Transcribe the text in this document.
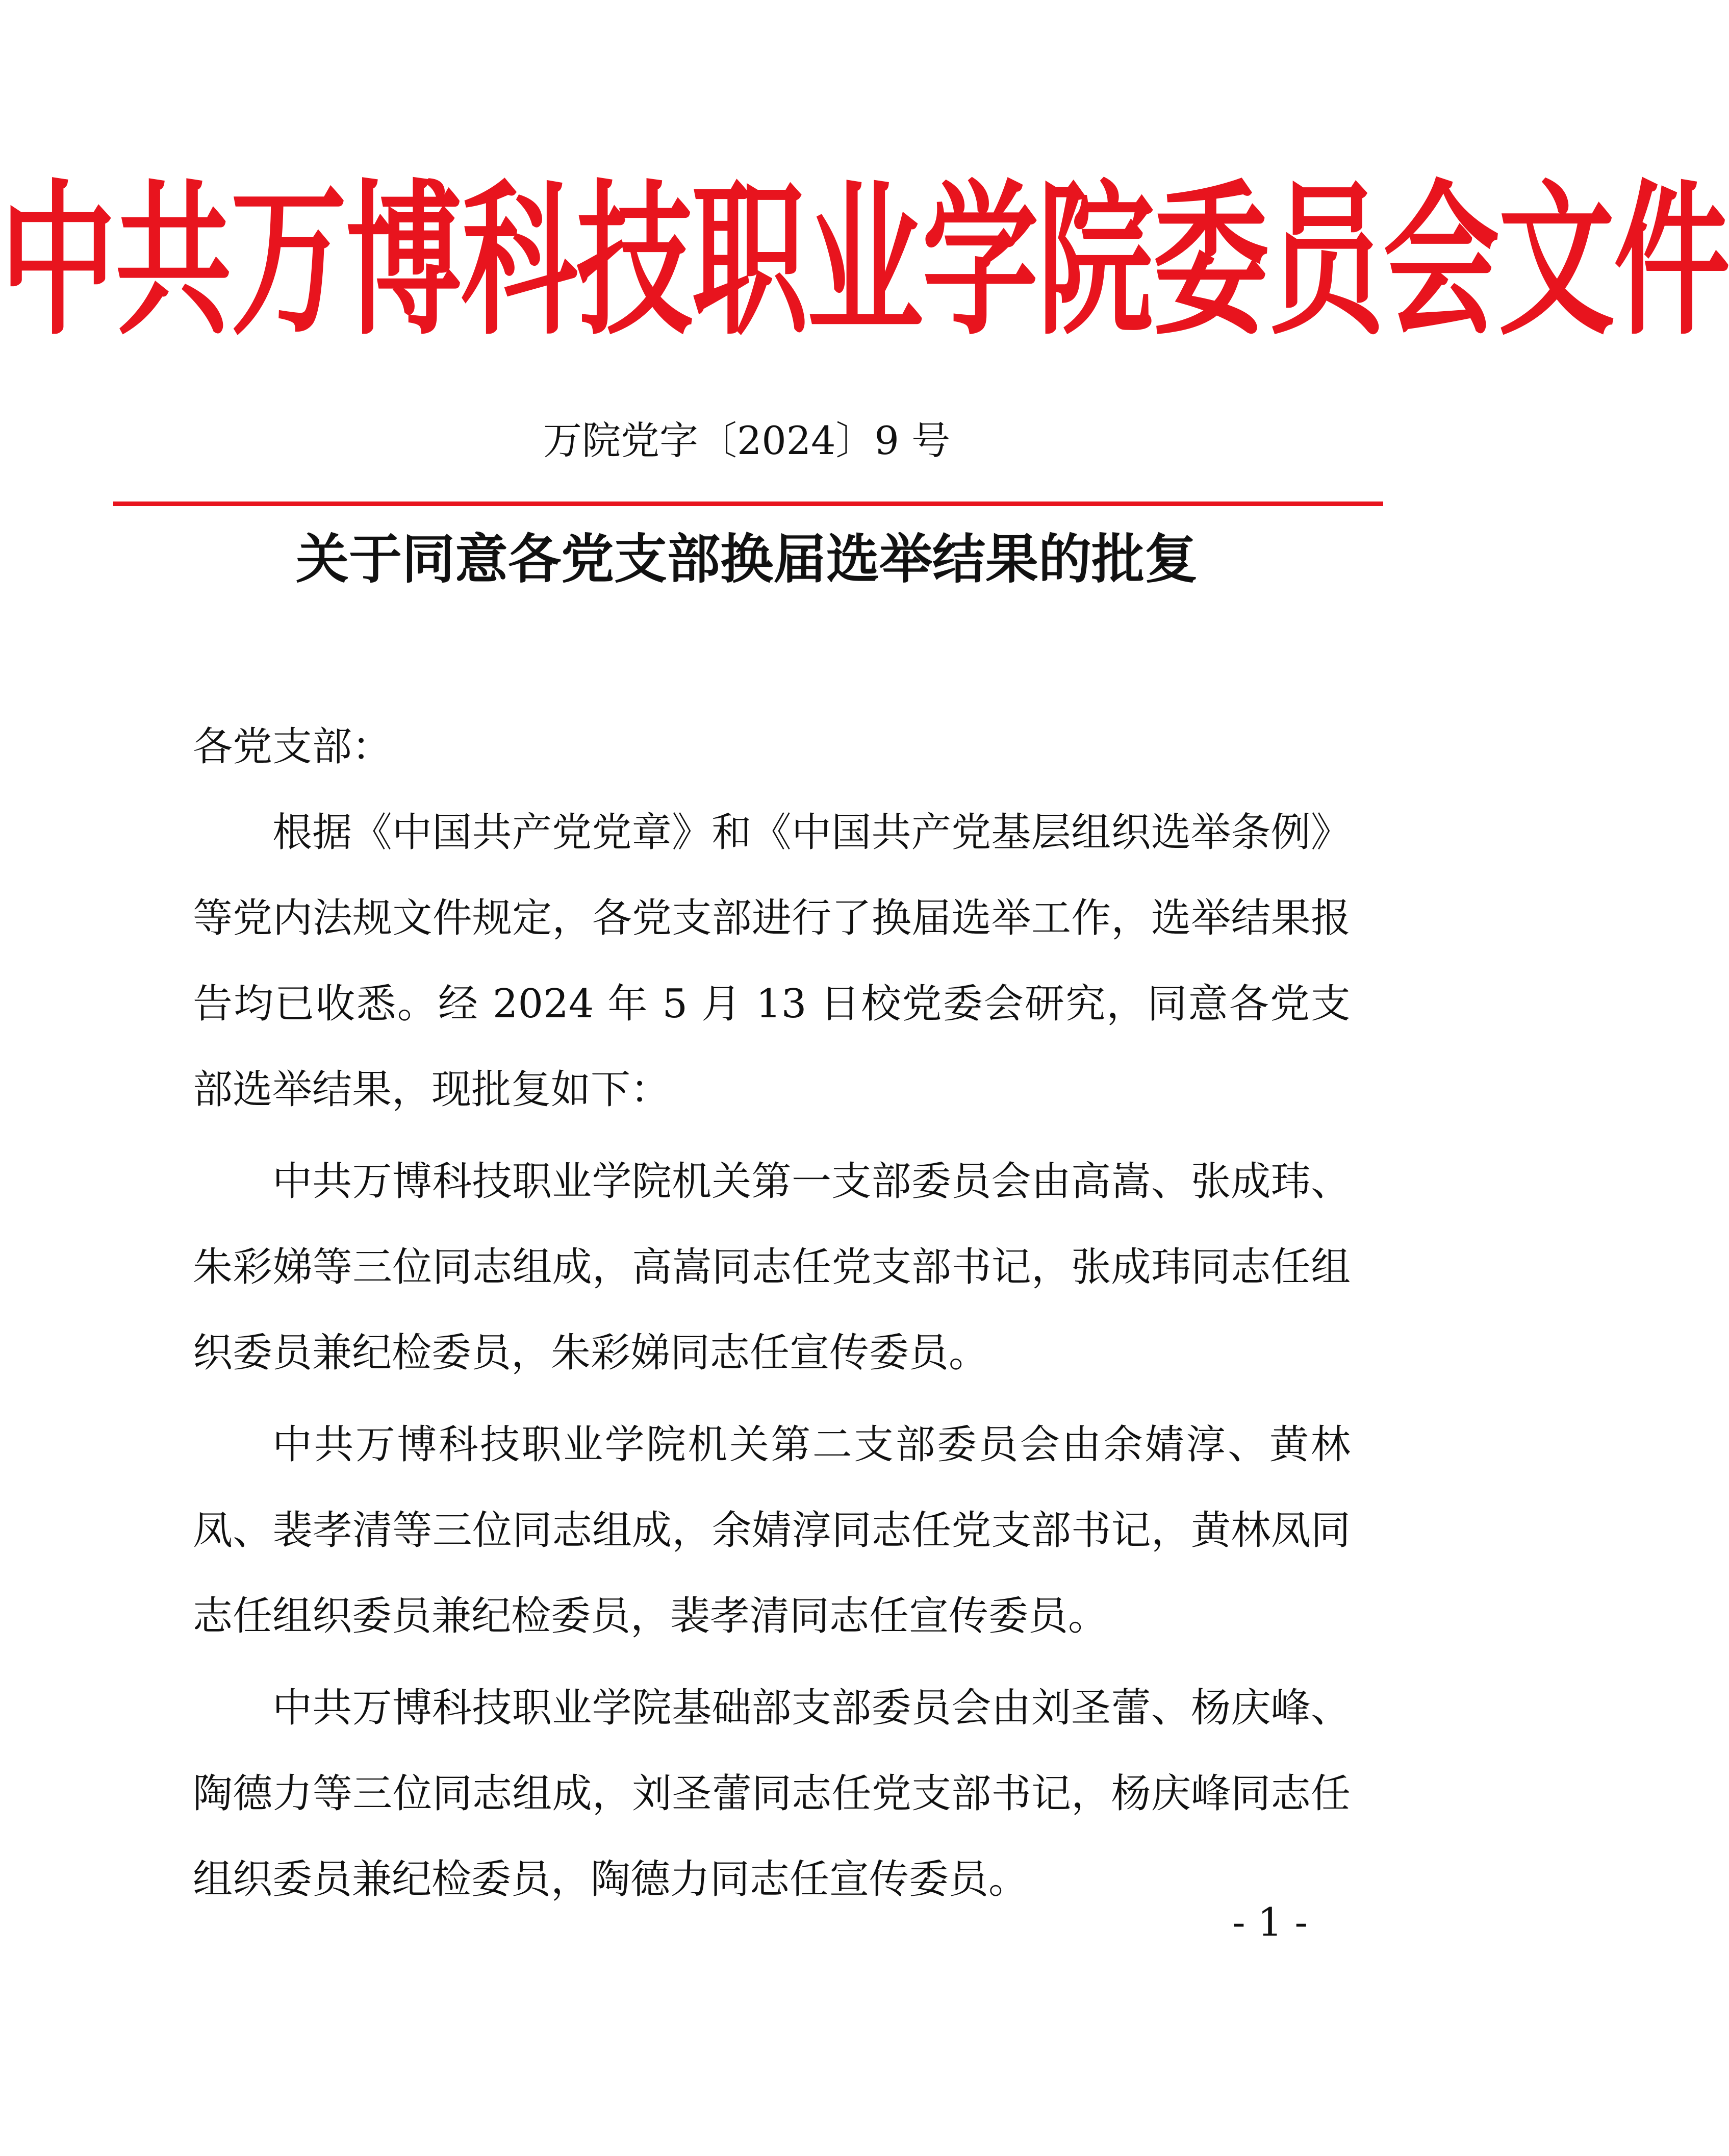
中共万博科技职业学院委员会文件
万院党字〔2024〕9 号
关于同意各党支部换届选举结果的批复

各党支部：

根据《中国共产党党章》和《中国共产党基层组织选举条例》等党内法规文件规定，各党支部进行了换届选举工作，选举结果报告均已收悉。经 2024 年 5 月 13 日校党委会研究，同意各党支部选举结果，现批复如下：

中共万博科技职业学院机关第一支部委员会由高嵩、张成玮、朱彩娣等三位同志组成，高嵩同志任党支部书记，张成玮同志任组织委员兼纪检委员，朱彩娣同志任宣传委员。

中共万博科技职业学院机关第二支部委员会由余婧淳、黄林凤、裴孝清等三位同志组成，余婧淳同志任党支部书记，黄林凤同志任组织委员兼纪检委员，裴孝清同志任宣传委员。

中共万博科技职业学院基础部支部委员会由刘圣蕾、杨庆峰、陶德力等三位同志组成，刘圣蕾同志任党支部书记，杨庆峰同志任组织委员兼纪检委员，陶德力同志任宣传委员。

- 1 -
